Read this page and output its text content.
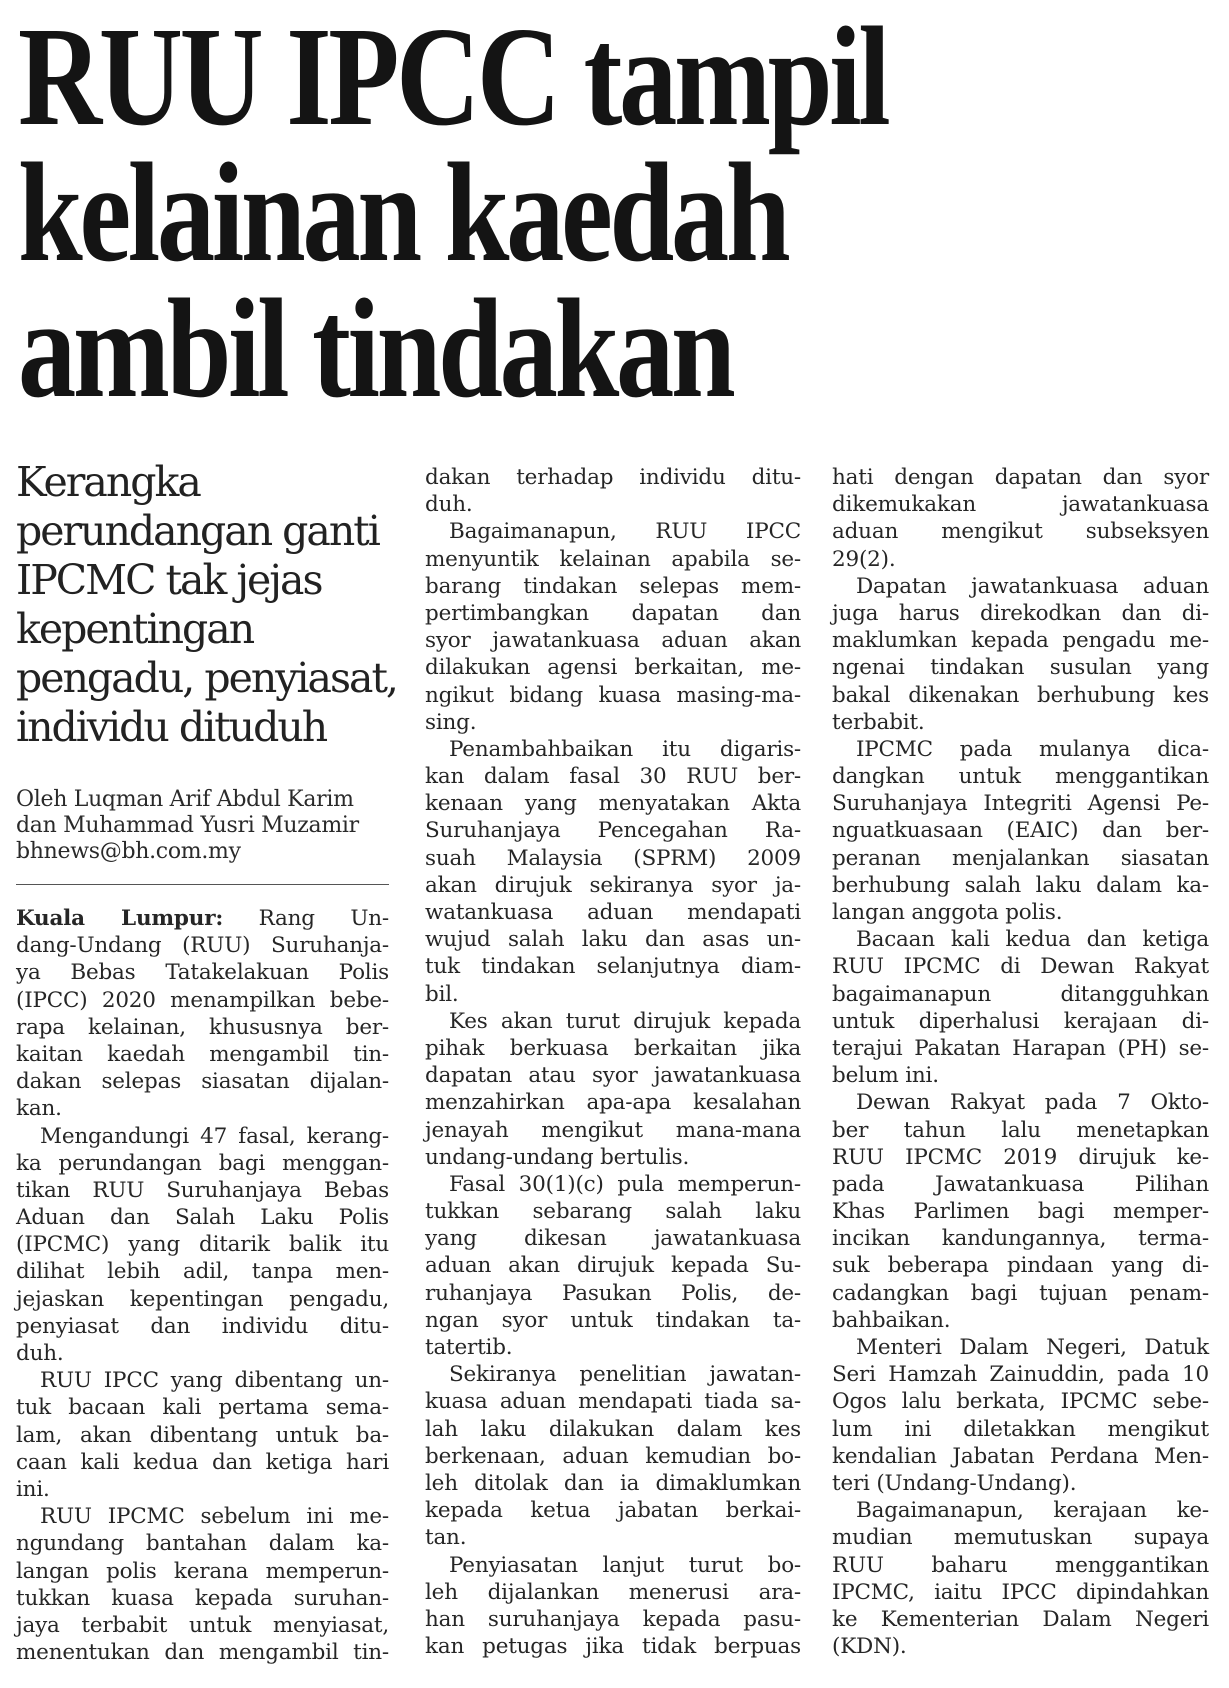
RUU IPCC tampil
kelainan kaedah
ambil tindakan
Kerangka
perundangan ganti
IPCMC tak jejas
kepentingan
pengadu, penyiasat,
individu dituduh
Oleh Luqman Arif Abdul Karim
dan Muhammad Yusri Muzamir
bhnews@bh.com.my
Kuala Lumpur: Rang Un-
dang-Undang (RUU) Suruhanja-
ya Bebas Tatakelakuan Polis
(IPCC) 2020 menampilkan bebe-
rapa kelainan, khususnya ber-
kaitan kaedah mengambil tin-
dakan selepas siasatan dijalan-
kan.
Mengandungi 47 fasal, kerang-
ka perundangan bagi menggan-
tikan RUU Suruhanjaya Bebas
Aduan dan Salah Laku Polis
(IPCMC) yang ditarik balik itu
dilihat lebih adil, tanpa men-
jejaskan kepentingan pengadu,
penyiasat dan individu ditu-
duh.
RUU IPCC yang dibentang un-
tuk bacaan kali pertama sema-
lam, akan dibentang untuk ba-
caan kali kedua dan ketiga hari
ini.
RUU IPCMC sebelum ini me-
ngundang bantahan dalam ka-
langan polis kerana memperun-
tukkan kuasa kepada suruhan-
jaya terbabit untuk menyiasat,
menentukan dan mengambil tin-
dakan terhadap individu ditu-
duh.
Bagaimanapun, RUU IPCC
menyuntik kelainan apabila se-
barang tindakan selepas mem-
pertimbangkan dapatan dan
syor jawatankuasa aduan akan
dilakukan agensi berkaitan, me-
ngikut bidang kuasa masing-ma-
sing.
Penambahbaikan itu digaris-
kan dalam fasal 30 RUU ber-
kenaan yang menyatakan Akta
Suruhanjaya Pencegahan Ra-
suah Malaysia (SPRM) 2009
akan dirujuk sekiranya syor ja-
watankuasa aduan mendapati
wujud salah laku dan asas un-
tuk tindakan selanjutnya diam-
bil.
Kes akan turut dirujuk kepada
pihak berkuasa berkaitan jika
dapatan atau syor jawatankuasa
menzahirkan apa-apa kesalahan
jenayah mengikut mana-mana
undang-undang bertulis.
Fasal 30(1)(c) pula memperun-
tukkan sebarang salah laku
yang dikesan jawatankuasa
aduan akan dirujuk kepada Su-
ruhanjaya Pasukan Polis, de-
ngan syor untuk tindakan ta-
tatertib.
Sekiranya penelitian jawatan-
kuasa aduan mendapati tiada sa-
lah laku dilakukan dalam kes
berkenaan, aduan kemudian bo-
leh ditolak dan ia dimaklumkan
kepada ketua jabatan berkai-
tan.
Penyiasatan lanjut turut bo-
leh dijalankan menerusi ara-
han suruhanjaya kepada pasu-
kan petugas jika tidak berpuas
hati dengan dapatan dan syor
dikemukakan jawatankuasa
aduan mengikut subseksyen
29(2).
Dapatan jawatankuasa aduan
juga harus direkodkan dan di-
maklumkan kepada pengadu me-
ngenai tindakan susulan yang
bakal dikenakan berhubung kes
terbabit.
IPCMC pada mulanya dica-
dangkan untuk menggantikan
Suruhanjaya Integriti Agensi Pe-
nguatkuasaan (EAIC) dan ber-
peranan menjalankan siasatan
berhubung salah laku dalam ka-
langan anggota polis.
Bacaan kali kedua dan ketiga
RUU IPCMC di Dewan Rakyat
bagaimanapun ditangguhkan
untuk diperhalusi kerajaan di-
terajui Pakatan Harapan (PH) se-
belum ini.
Dewan Rakyat pada 7 Okto-
ber tahun lalu menetapkan
RUU IPCMC 2019 dirujuk ke-
pada Jawatankuasa Pilihan
Khas Parlimen bagi memper-
incikan kandungannya, terma-
suk beberapa pindaan yang di-
cadangkan bagi tujuan penam-
bahbaikan.
Menteri Dalam Negeri, Datuk
Seri Hamzah Zainuddin, pada 10
Ogos lalu berkata, IPCMC sebe-
lum ini diletakkan mengikut
kendalian Jabatan Perdana Men-
teri (Undang-Undang).
Bagaimanapun, kerajaan ke-
mudian memutuskan supaya
RUU baharu menggantikan
IPCMC, iaitu IPCC dipindahkan
ke Kementerian Dalam Negeri
(KDN).
